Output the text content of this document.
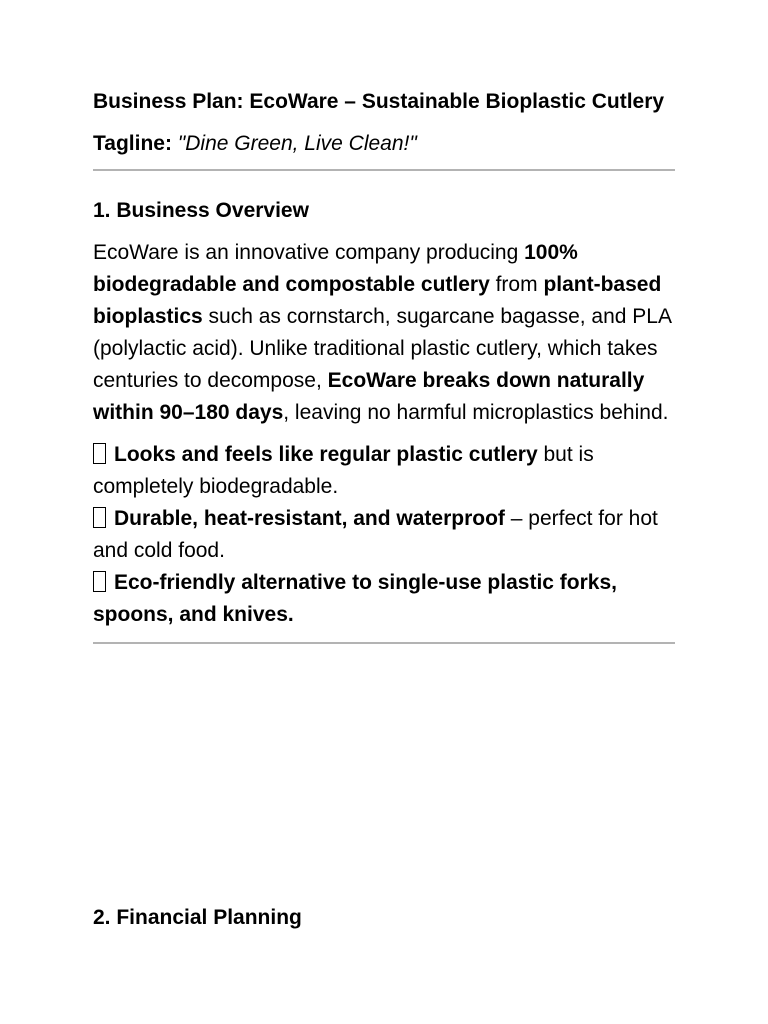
Business Plan: EcoWare – Sustainable Bioplastic Cutlery

Tagline: "Dine Green, Live Clean!"

1. Business Overview

EcoWare is an innovative company producing 100% biodegradable and compostable cutlery from plant-based bioplastics such as cornstarch, sugarcane bagasse, and PLA (polylactic acid). Unlike traditional plastic cutlery, which takes centuries to decompose, EcoWare breaks down naturally within 90–180 days, leaving no harmful microplastics behind.

Looks and feels like regular plastic cutlery but is completely biodegradable.
Durable, heat-resistant, and waterproof – perfect for hot and cold food.
Eco-friendly alternative to single-use plastic forks, spoons, and knives.

2. Financial Planning
